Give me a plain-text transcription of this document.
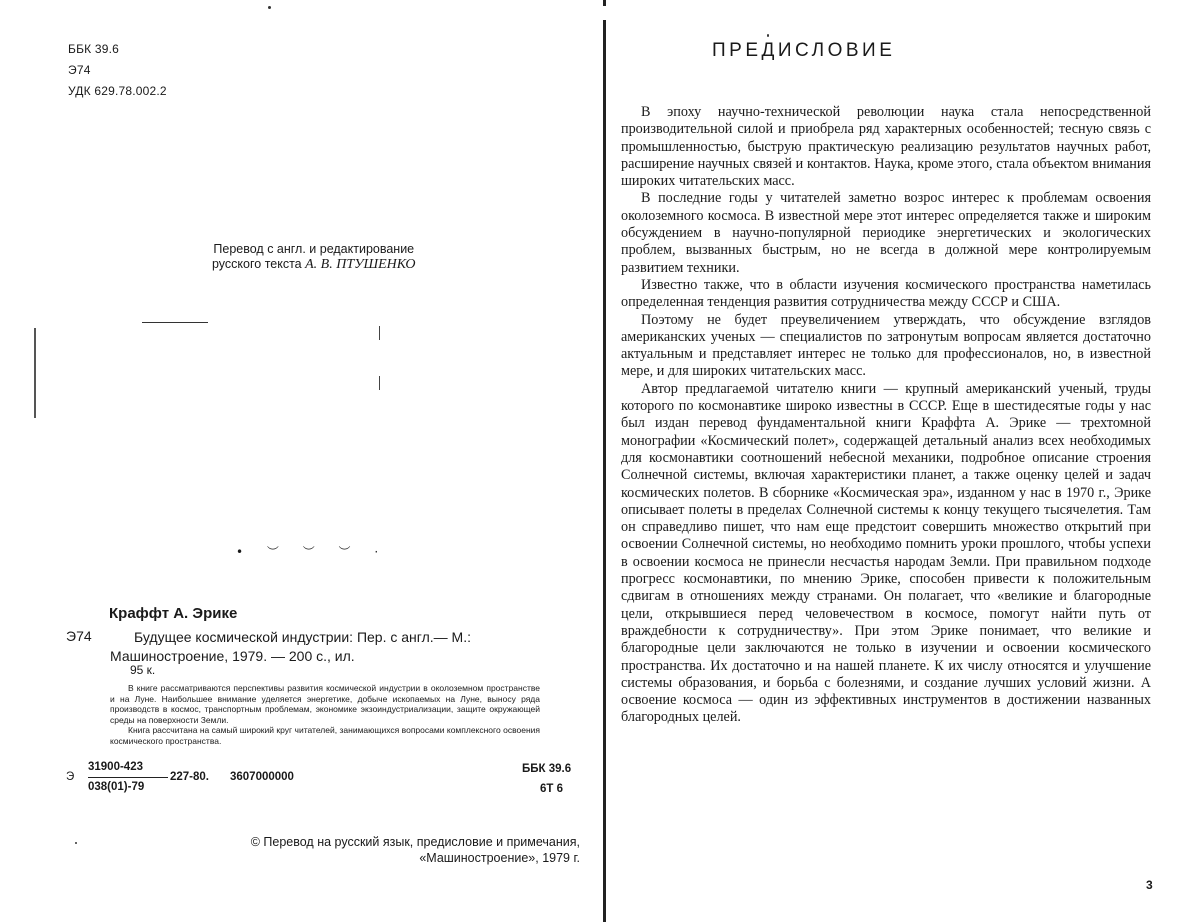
ББК 39.6
Э74
УДК 629.78.002.2
Перевод с англ. и редактирование
русского текста А. В. ПТУШЕНКО
• ︶ ︶ ︶ ·
Краффт А. Эрике
Э74	Будущее космической индустрии: Пер. с англ.— М.:
Машиностроение, 1979. — 200 с., ил.
95 к.

В книге рассматриваются перспективы развития космической индустрии в околоземном пространстве и на Луне. Наибольшее внимание уделяется энергетике, добыче ископаемых на Луне, выносу ряда производств в космос, транспортным проблемам, экономике экзоиндустриализации, защите окружающей среды на поверхности Земли.

Книга рассчитана на самый широкий круг читателей, занимающихся вопросами комплексного освоения космического пространства.

Э
31900-423
038(01)-79
227-80. 3607000000
ББК 39.6
6Т 6
© Перевод на русский язык, предисловие и примечания,
«Машиностроение», 1979 г.
ПРЕДИСЛОВИЕ

В эпоху научно-технической революции наука стала непосредственной производительной силой и приобрела ряд характерных особенностей; тесную связь с промышленностью, быструю практическую реализацию результатов научных работ, расширение научных связей и контактов. Наука, кроме этого, стала объектом внимания широких читательских масс.

В последние годы у читателей заметно возрос интерес к проблемам освоения околоземного космоса. В известной мере этот интерес определяется также и широким обсуждением в научно-популярной периодике энергетических и экологических проблем, вызванных быстрым, но не всегда в должной мере контролируемым развитием техники.

Известно также, что в области изучения космического пространства наметилась определенная тенденция развития сотрудничества между СССР и США.

Поэтому не будет преувеличением утверждать, что обсуждение взглядов американских ученых — специалистов по затронутым вопросам является достаточно актуальным и представляет интерес не только для профессионалов, но, в известной мере, и для широких читательских масс.

Автор предлагаемой читателю книги — крупный американский ученый, труды которого по космонавтике широко известны в СССР. Еще в шестидесятые годы у нас был издан перевод фундаментальной книги Краффта А. Эрике — трехтомной монографии «Космический полет», содержащей детальный анализ всех необходимых для космонавтики соотношений небесной механики, подробное описание строения Солнечной системы, включая характеристики планет, а также оценку целей и задач космических полетов. В сборнике «Космическая эра», изданном у нас в 1970 г., Эрике описывает полеты в пределах Солнечной системы к концу текущего тысячелетия. Там он справедливо пишет, что нам еще предстоит совершить множество открытий при освоении Солнечной системы, но необходимо помнить уроки прошлого, чтобы успехи в освоении космоса не принесли несчастья народам Земли. При правильном подходе прогресс космонавтики, по мнению Эрике, способен привести к положительным сдвигам в отношениях между странами. Он полагает, что «великие и благородные цели, открывшиеся перед человечеством в космосе, помогут найти путь от враждебности к сотрудничеству». При этом Эрике понимает, что великие и благородные цели заключаются не только в изучении и освоении космического пространства. Их достаточно и на нашей планете. К их числу относятся и улучшение системы образования, и борьба с болезнями, и создание лучших условий жизни. А освоение космоса — один из эффективных инструментов в достижении названных благородных целей.

3
